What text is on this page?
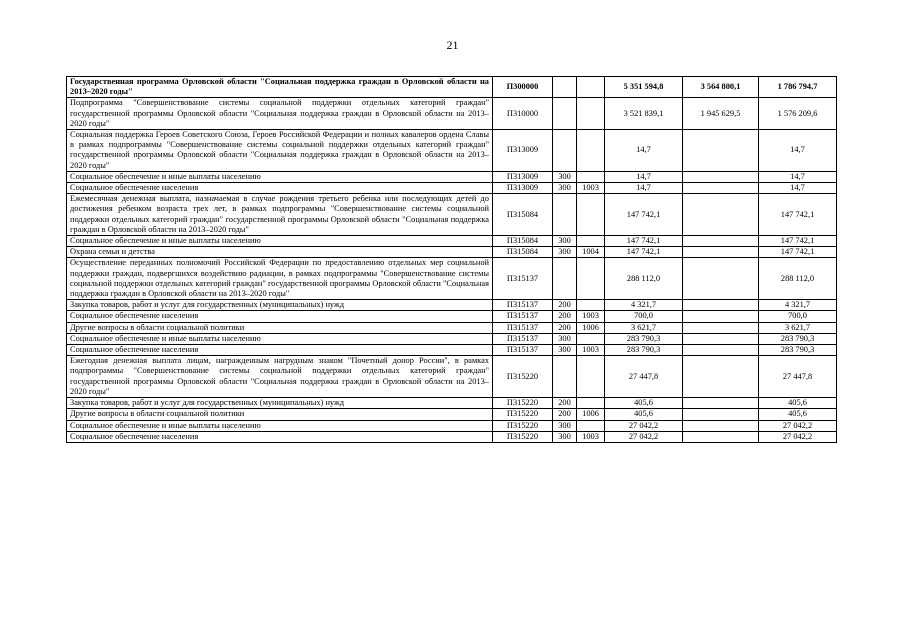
21
Государственная программа Орловской области "Социальная поддержка граждан в Орловской области на 2013–2020 годы"	П300000			5 351 594,8	3 564 800,1	1 786 794,7
Подпрограмма "Совершенствование системы социальной поддержки отдельных категорий граждан" государственной программы Орловской области "Социальная поддержка граждан в Орловской области на 2013–2020 годы"	П310000			3 521 839,1	1 945 629,5	1 576 209,6
Социальная поддержка Героев Советского Союза, Героев Российской Федерации и полных кавалеров ордена Славы в рамках подпрограммы "Совершенствование системы социальной поддержки отдельных категорий граждан" государственной программы Орловской области "Социальная поддержка граждан в Орловской области на 2013–2020 годы"	П313009			14,7		14,7
Социальное обеспечение и иные выплаты населению	П313009	300		14,7		14,7
Социальное обеспечение населения	П313009	300	1003	14,7		14,7
Ежемесячная денежная выплата, назначаемая в случае рождения третьего ребенка или последующих детей до достижения ребенком возраста трех лет, в рамках подпрограммы "Совершенствование системы социальной поддержки отдельных категорий граждан" государственной программы Орловской области "Социальная поддержка граждан в Орловской области на 2013–2020 годы"	П315084			147 742,1		147 742,1
Социальное обеспечение и иные выплаты населению	П315084	300		147 742,1		147 742,1
Охрана семьи и детства	П315084	300	1004	147 742,1		147 742,1
Осуществление переданных полномочий Российской Федерации по предоставлению отдельных мер социальной поддержки граждан, подвергшихся воздействию радиации, в рамках подпрограммы "Совершенствование системы социальной поддержки отдельных категорий граждан" государственной программы Орловской области "Социальная поддержка граждан в Орловской области на 2013–2020 годы"	П315137			288 112,0		288 112,0
Закупка товаров, работ и услуг для государственных (муниципальных) нужд	П315137	200		4 321,7		4 321,7
Социальное обеспечение населения	П315137	200	1003	700,0		700,0
Другие вопросы в области социальной политики	П315137	200	1006	3 621,7		3 621,7
Социальное обеспечение и иные выплаты населению	П315137	300		283 790,3		283 790,3
Социальное обеспечение населения	П315137	300	1003	283 790,3		283 790,3
Ежегодная денежная выплата лицам, награжденным нагрудным знаком "Почетный донор России", в рамках подпрограммы "Совершенствование системы социальной поддержки отдельных категорий граждан" государственной программы Орловской области "Социальная поддержка граждан в Орловской области на 2013–2020 годы"	П315220			27 447,8		27 447,8
Закупка товаров, работ и услуг для государственных (муниципальных) нужд	П315220	200		405,6		405,6
Другие вопросы в области социальной политики	П315220	200	1006	405,6		405,6
Социальное обеспечение и иные выплаты населению	П315220	300		27 042,2		27 042,2
Социальное обеспечение населения	П315220	300	1003	27 042,2		27 042,2
